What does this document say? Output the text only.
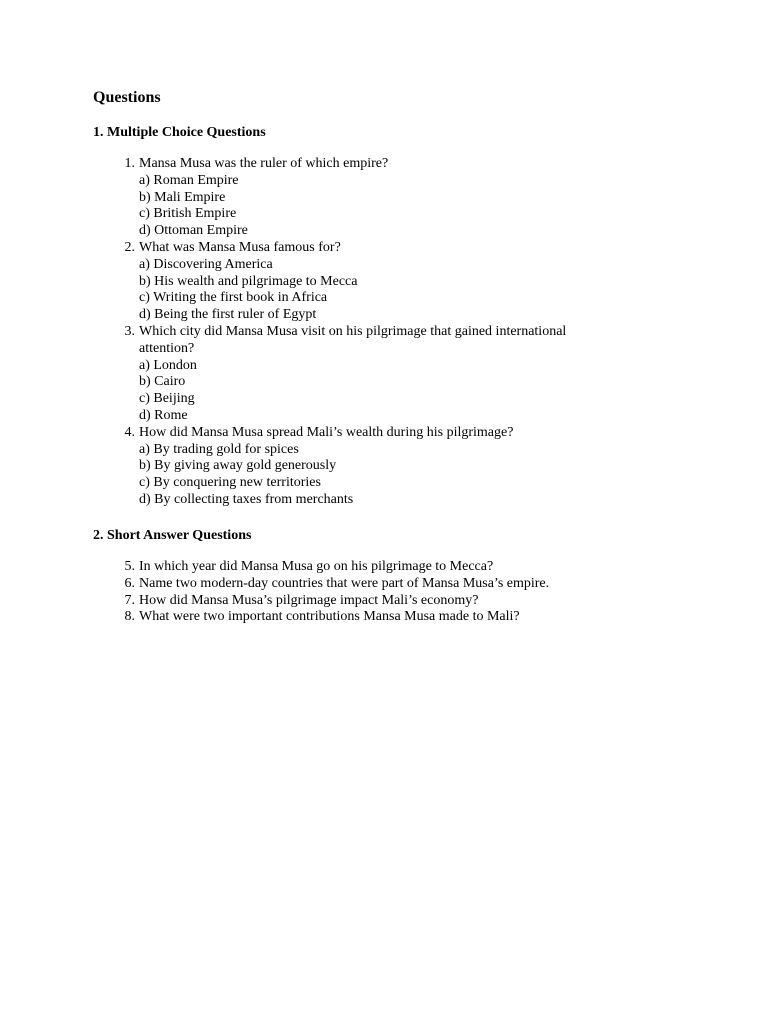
Questions
1. Multiple Choice Questions
1. Mansa Musa was the ruler of which empire?
a) Roman Empire
b) Mali Empire
c) British Empire
d) Ottoman Empire
2. What was Mansa Musa famous for?
a) Discovering America
b) His wealth and pilgrimage to Mecca
c) Writing the first book in Africa
d) Being the first ruler of Egypt
3. Which city did Mansa Musa visit on his pilgrimage that gained international attention?
a) London
b) Cairo
c) Beijing
d) Rome
4. How did Mansa Musa spread Mali’s wealth during his pilgrimage?
a) By trading gold for spices
b) By giving away gold generously
c) By conquering new territories
d) By collecting taxes from merchants
2. Short Answer Questions
5. In which year did Mansa Musa go on his pilgrimage to Mecca?
6. Name two modern-day countries that were part of Mansa Musa’s empire.
7. How did Mansa Musa’s pilgrimage impact Mali’s economy?
8. What were two important contributions Mansa Musa made to Mali?
